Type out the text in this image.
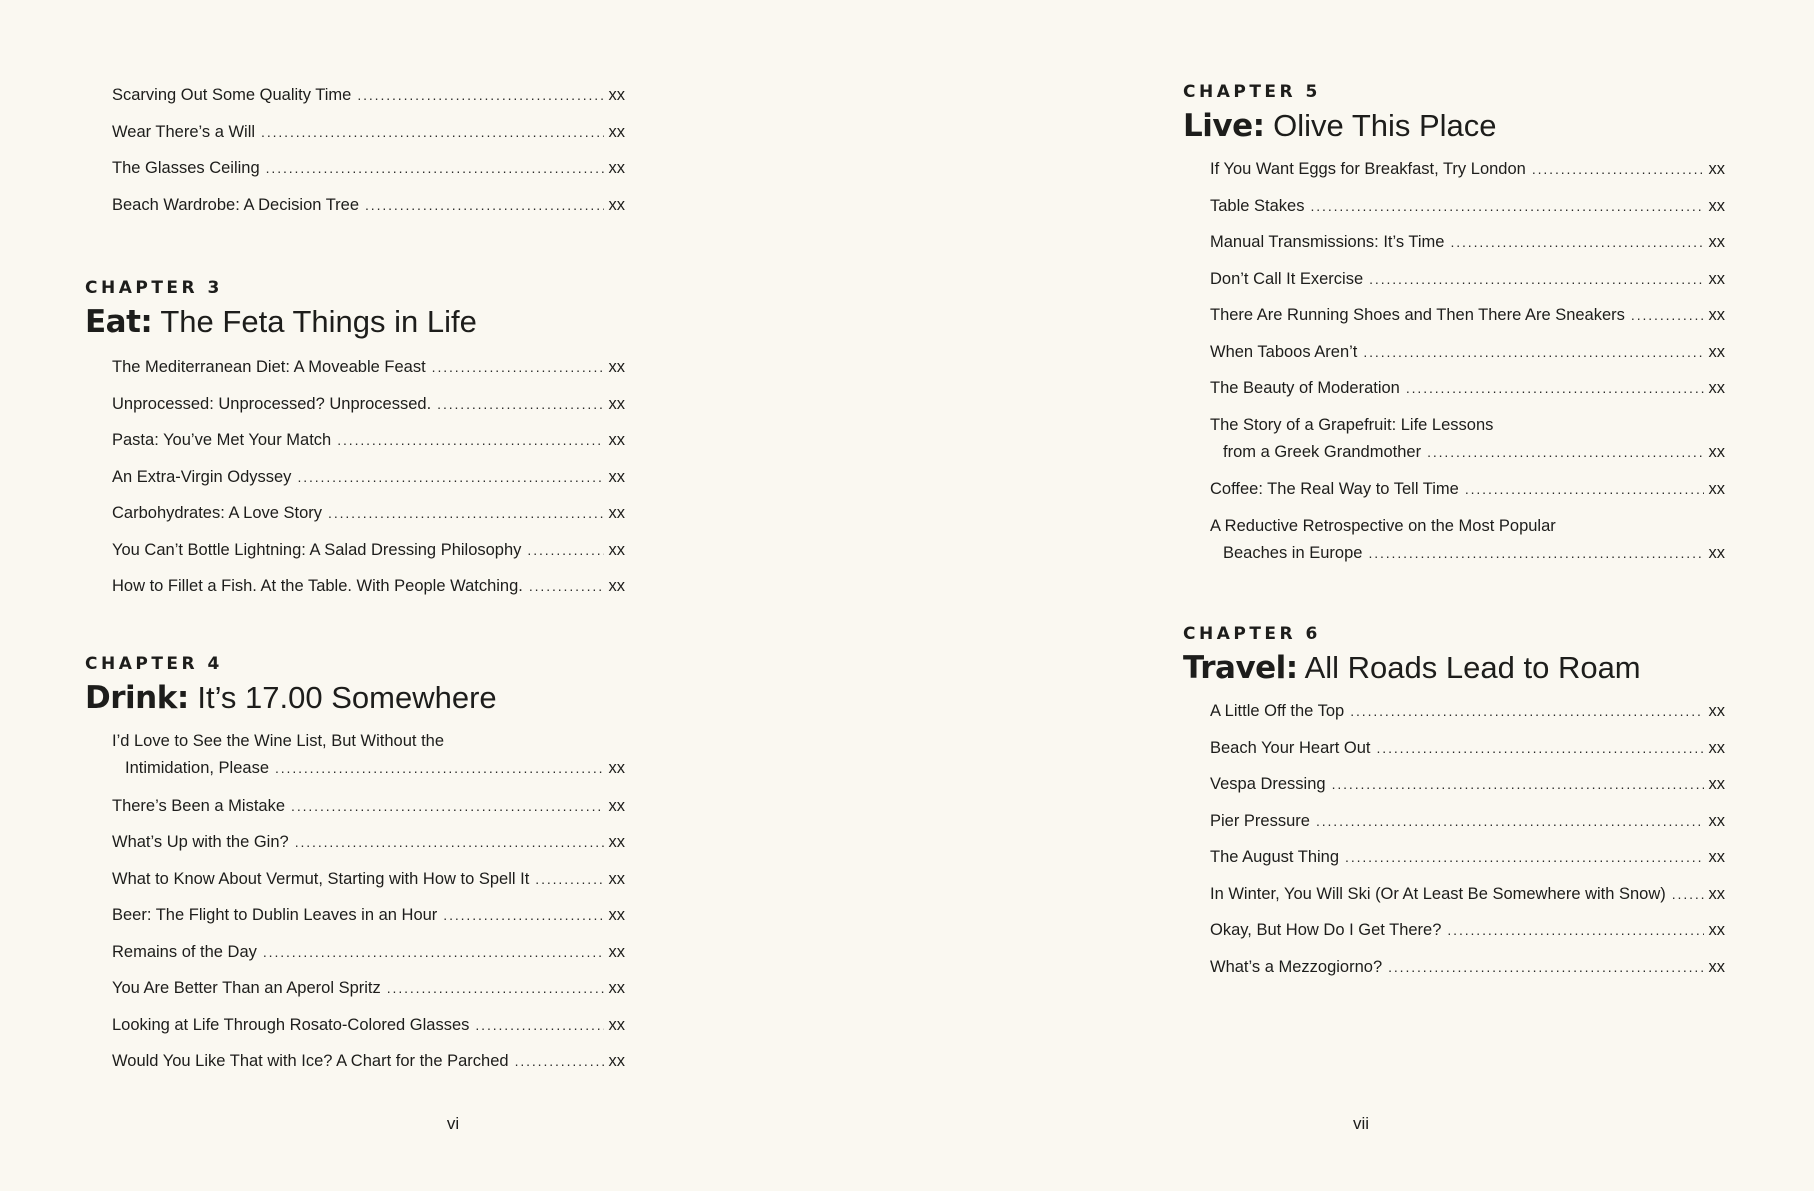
Scarving Out Some Quality Time . . .	xx
Wear There’s a Will . . .	xx
The Glasses Ceiling . . .	xx
Beach Wardrobe: A Decision Tree . . .	xx
CHAPTER 3
Eat: The Feta Things in Life
The Mediterranean Diet: A Moveable Feast . . .	xx
Unprocessed: Unprocessed? Unprocessed. . . .	xx
Pasta: You’ve Met Your Match . . .	xx
An Extra-Virgin Odyssey . . .	xx
Carbohydrates: A Love Story . . .	xx
You Can’t Bottle Lightning: A Salad Dressing Philosophy . . .	xx
How to Fillet a Fish. At the Table. With People Watching. . . .	xx
CHAPTER 4
Drink: It’s 17.00 Somewhere
I’d Love to See the Wine List, But Without the
Intimidation, Please . . .	xx
There’s Been a Mistake . . .	xx
What’s Up with the Gin? . . .	xx
What to Know About Vermut, Starting with How to Spell It . . .	xx
Beer: The Flight to Dublin Leaves in an Hour . . .	xx
Remains of the Day . . .	xx
You Are Better Than an Aperol Spritz . . .	xx
Looking at Life Through Rosato-Colored Glasses . . .	xx
Would You Like That with Ice? A Chart for the Parched . . .	xx
vi
CHAPTER 5
Live: Olive This Place
If You Want Eggs for Breakfast, Try London . . .	xx
Table Stakes . . .	xx
Manual Transmissions: It’s Time . . .	xx
Don’t Call It Exercise . . .	xx
There Are Running Shoes and Then There Are Sneakers . . .	xx
When Taboos Aren’t . . .	xx
The Beauty of Moderation . . .	xx
The Story of a Grapefruit: Life Lessons
from a Greek Grandmother . . .	xx
Coffee: The Real Way to Tell Time . . .	xx
A Reductive Retrospective on the Most Popular
Beaches in Europe . . .	xx
CHAPTER 6
Travel: All Roads Lead to Roam
A Little Off the Top . . .	xx
Beach Your Heart Out . . .	xx
Vespa Dressing . . .	xx
Pier Pressure . . .	xx
The August Thing . . .	xx
In Winter, You Will Ski (Or At Least Be Somewhere with Snow) . . .	xx
Okay, But How Do I Get There? . . .	xx
What’s a Mezzogiorno? . . .	xx
vii
